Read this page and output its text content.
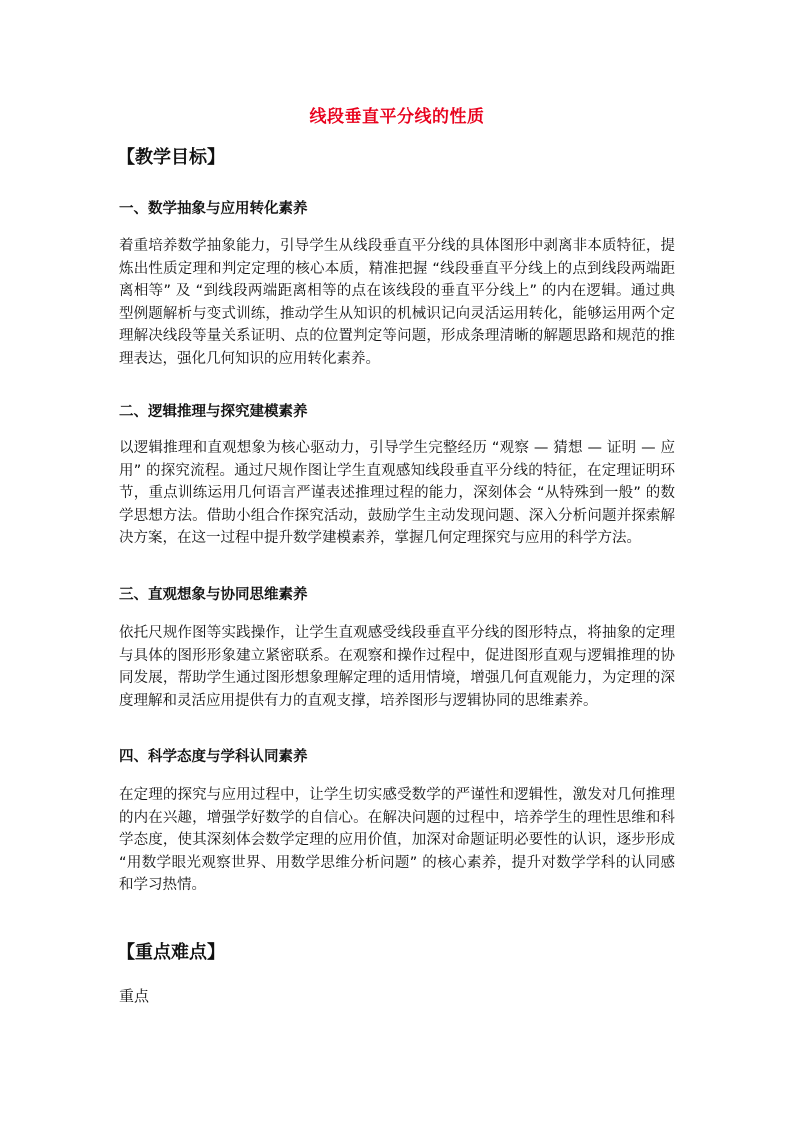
线段垂直平分线的性质
【教学目标】
一、数学抽象与应用转化素养
着重培养数学抽象能力，引导学生从线段垂直平分线的具体图形中剥离非本质特征，提炼出性质定理和判定定理的核心本质，精准把握 “线段垂直平分线上的点到线段两端距离相等” 及 “到线段两端距离相等的点在该线段的垂直平分线上” 的内在逻辑。通过典型例题解析与变式训练，推动学生从知识的机械识记向灵活运用转化，能够运用两个定理解决线段等量关系证明、点的位置判定等问题，形成条理清晰的解题思路和规范的推理表达，强化几何知识的应用转化素养。
二、逻辑推理与探究建模素养
以逻辑推理和直观想象为核心驱动力，引导学生完整经历 “观察 — 猜想 — 证明 — 应用” 的探究流程。通过尺规作图让学生直观感知线段垂直平分线的特征，在定理证明环节，重点训练运用几何语言严谨表述推理过程的能力，深刻体会 “从特殊到一般” 的数学思想方法。借助小组合作探究活动，鼓励学生主动发现问题、深入分析问题并探索解决方案，在这一过程中提升数学建模素养，掌握几何定理探究与应用的科学方法。
三、直观想象与协同思维素养
依托尺规作图等实践操作，让学生直观感受线段垂直平分线的图形特点，将抽象的定理与具体的图形形象建立紧密联系。在观察和操作过程中，促进图形直观与逻辑推理的协同发展，帮助学生通过图形想象理解定理的适用情境，增强几何直观能力，为定理的深度理解和灵活应用提供有力的直观支撑，培养图形与逻辑协同的思维素养。
四、科学态度与学科认同素养
在定理的探究与应用过程中，让学生切实感受数学的严谨性和逻辑性，激发对几何推理的内在兴趣，增强学好数学的自信心。在解决问题的过程中，培养学生的理性思维和科学态度，使其深刻体会数学定理的应用价值，加深对命题证明必要性的认识，逐步形成 “用数学眼光观察世界、用数学思维分析问题” 的核心素养，提升对数学学科的认同感和学习热情。
【重点难点】
重点
